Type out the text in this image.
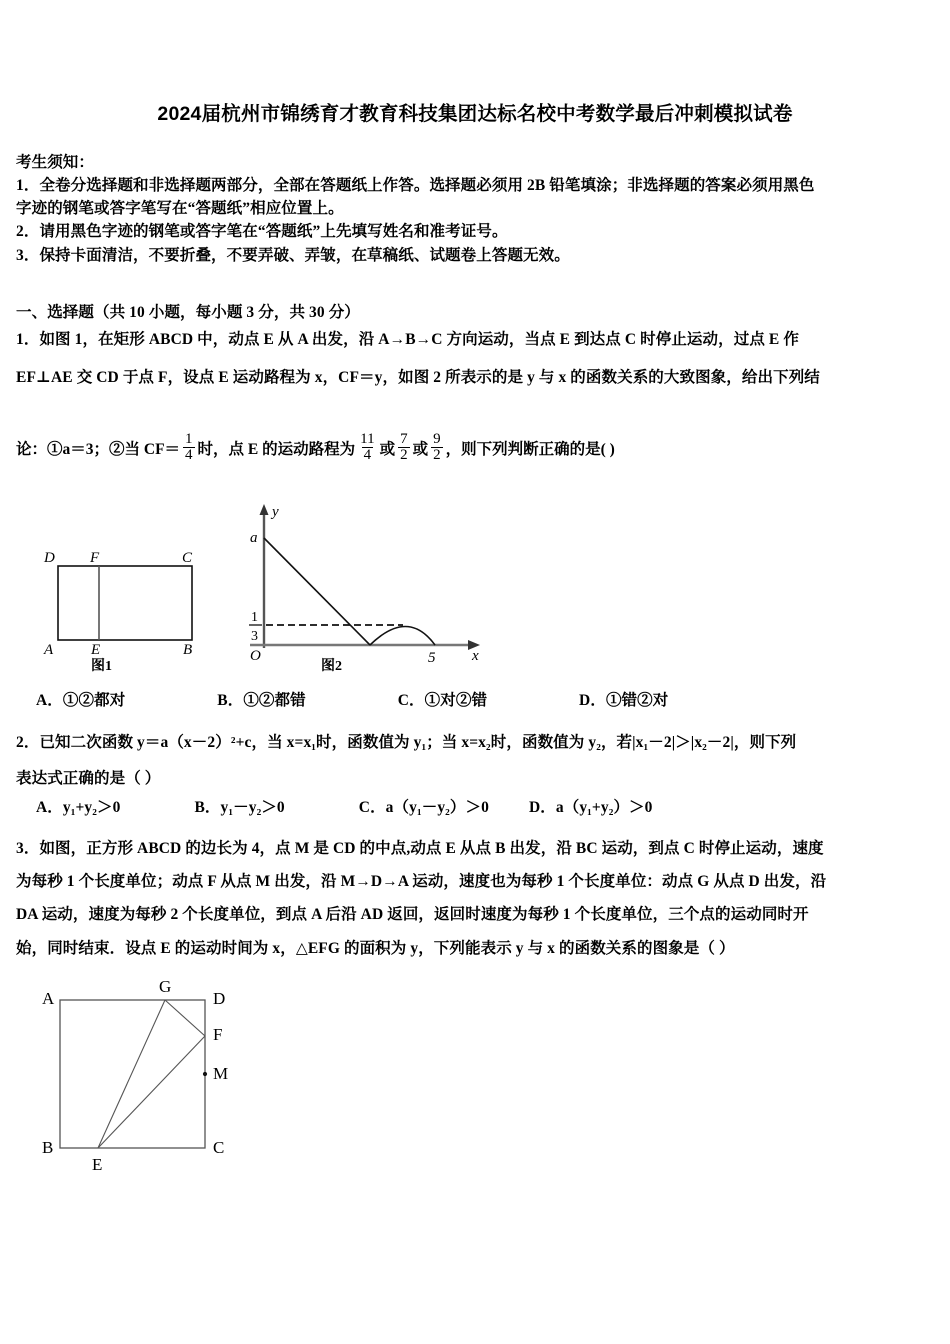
2024届杭州市锦绣育才教育科技集团达标名校中考数学最后冲刺模拟试卷
考生须知：
1．全卷分选择题和非选择题两部分，全部在答题纸上作答。选择题必须用 2B 铅笔填涂；非选择题的答案必须用黑色
字迹的钢笔或答字笔写在“答题纸”相应位置上。
2．请用黑色字迹的钢笔或答字笔在“答题纸”上先填写姓名和准考证号。
3．保持卡面清洁，不要折叠，不要弄破、弄皱，在草稿纸、试题卷上答题无效。
一、选择题（共 10 小题，每小题 3 分，共 30 分）
1．如图 1，在矩形 ABCD 中，动点 E 从 A 出发，沿 A→B→C 方向运动，当点 E 到达点 C 时停止运动，过点 E 作
EF⊥AE 交 CD 于点 F，设点 E 运动路程为 x，CF＝y，如图 2 所表示的是 y 与 x 的函数关系的大致图象，给出下列结
论：①a＝3；②当 $CF= \frac{1}{4}$ 时，点 E 的运动路程为 $\frac{11}{4}$ 或 $\frac{7}{2}$ 或 $\frac{9}{2}$ ，则下列判断正确的是( )
D F	C
A	E	B
图1
y
x
O
a
5
1
3
图2
A．①②都对	B．①②都错	C．①对②错	D．①错②对
2．已知二次函数 y＝a（x－2）²+c，当 x=x₁时，函数值为 y₁；当 x=x₂时，函数值为 y₂，若|x₁－2|＞|x₂－2|，则下列
表达式正确的是（ ）
A．y₁+y₂＞0	B．y₁－y₂＞0	C．a（y₁－y₂）＞0	D．a（y₁+y₂）＞0
3．如图，正方形 ABCD 的边长为 4，点 M 是 CD 的中点,动点 E 从点 B 出发，沿 BC 运动，到点 C 时停止运动，速度
为每秒 1 个长度单位；动点 F 从点 M 出发，沿 M→D→A 运动，速度也为每秒 1 个长度单位：动点 G 从点 D 出发，沿
DA 运动，速度为每秒 2 个长度单位，到点 A 后沿 AD 返回，返回时速度为每秒 1 个长度单位，三个点的运动同时开
始，同时结束．设点 E 的运动时间为 x，△EFG 的面积为 y，下列能表示 y 与 x 的函数关系的图象是（ ）
A
G
D
F
M
B
E
C
